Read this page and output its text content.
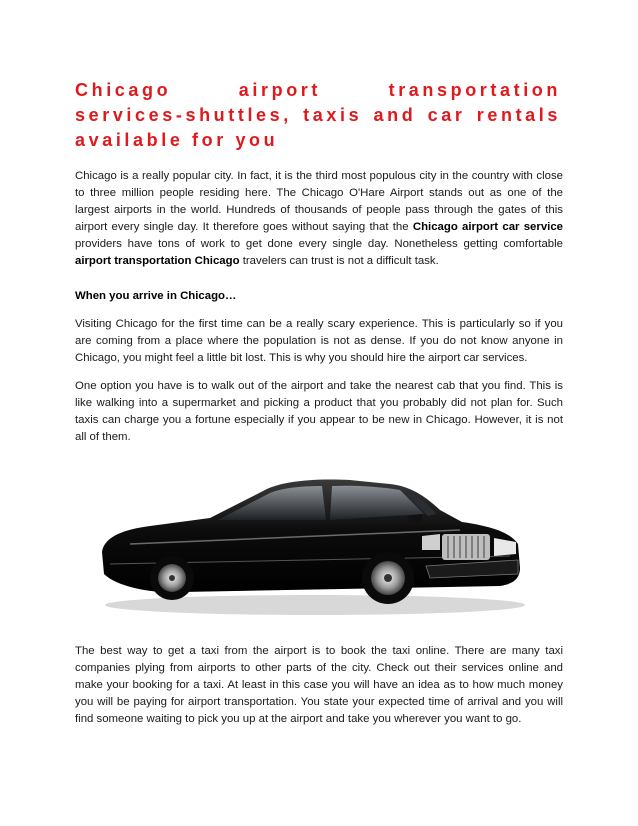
Chicago airport transportation services-shuttles, taxis and car rentals available for you

Chicago is a really popular city. In fact, it is the third most populous city in the country with close to three million people residing here. The Chicago O'Hare Airport stands out as one of the largest airports in the world. Hundreds of thousands of people pass through the gates of this airport every single day. It therefore goes without saying that the Chicago airport car service providers have tons of work to get done every single day. Nonetheless getting comfortable airport transportation Chicago travelers can trust is not a difficult task.

When you arrive in Chicago…

Visiting Chicago for the first time can be a really scary experience. This is particularly so if you are coming from a place where the population is not as dense. If you do not know anyone in Chicago, you might feel a little bit lost. This is why you should hire the airport car services.

One option you have is to walk out of the airport and take the nearest cab that you find. This is like walking into a supermarket and picking a product that you probably did not plan for. Such taxis can charge you a fortune especially if you appear to be new in Chicago. However, it is not all of them.

The best way to get a taxi from the airport is to book the taxi online. There are many taxi companies plying from airports to other parts of the city. Check out their services online and make your booking for a taxi. At least in this case you will have an idea as to how much money you will be paying for airport transportation. You state your expected time of arrival and you will find someone waiting to pick you up at the airport and take you wherever you want to go.
